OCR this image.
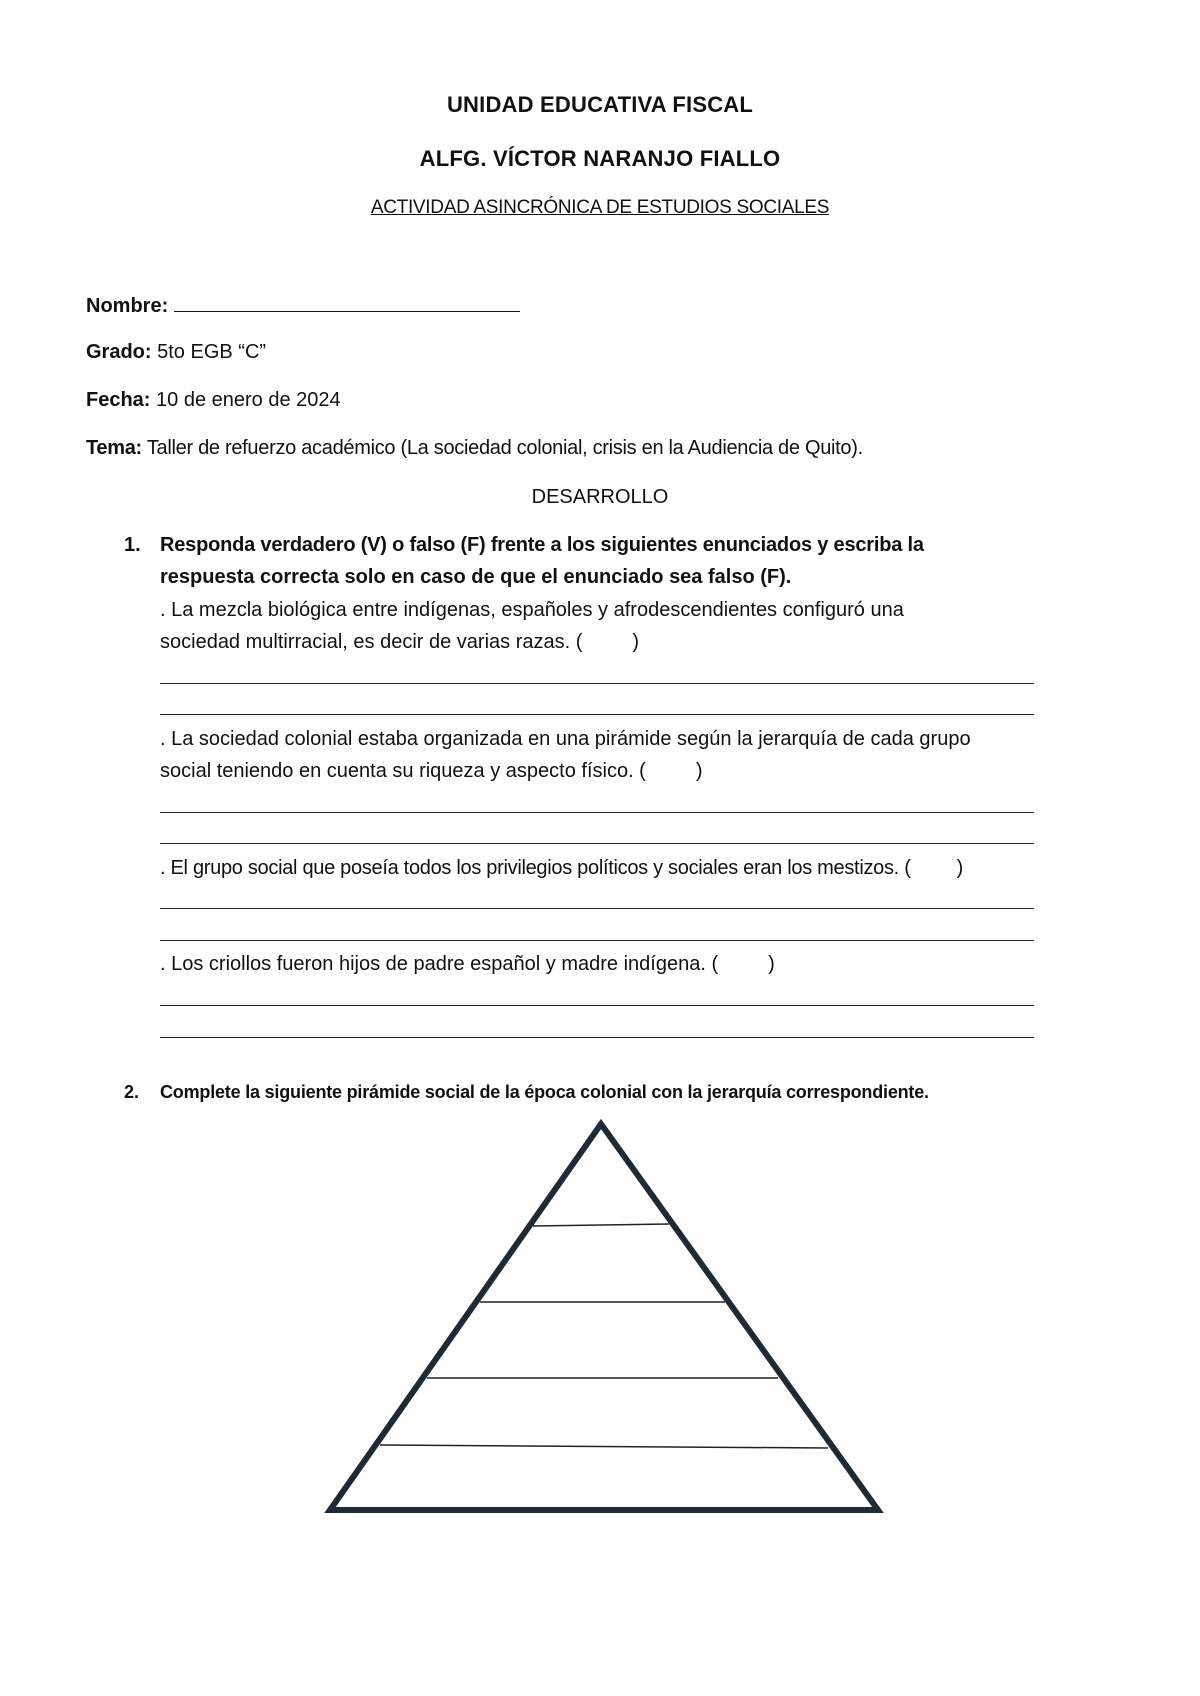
UNIDAD EDUCATIVA FISCAL
ALFG. VÍCTOR NARANJO FIALLO
ACTIVIDAD ASINCRÓNICA DE ESTUDIOS SOCIALES
Nombre:
Grado: 5to EGB “C”
Fecha: 10 de enero de 2024
Tema: Taller de refuerzo académico (La sociedad colonial, crisis en la Audiencia de Quito).
DESARROLLO
1. Responda verdadero (V) o falso (F) frente a los siguientes enunciados y escriba la
respuesta correcta solo en caso de que el enunciado sea falso (F).
. La mezcla biológica entre indígenas, españoles y afrodescendientes configuró una
sociedad multirracial, es decir de varias razas. (	)
. La sociedad colonial estaba organizada en una pirámide según la jerarquía de cada grupo
social teniendo en cuenta su riqueza y aspecto físico. (	)
. El grupo social que poseía todos los privilegios políticos y sociales eran los mestizos. ( )
. Los criollos fueron hijos de padre español y madre indígena. (	)
2. Complete la siguiente pirámide social de la época colonial con la jerarquía correspondiente.
